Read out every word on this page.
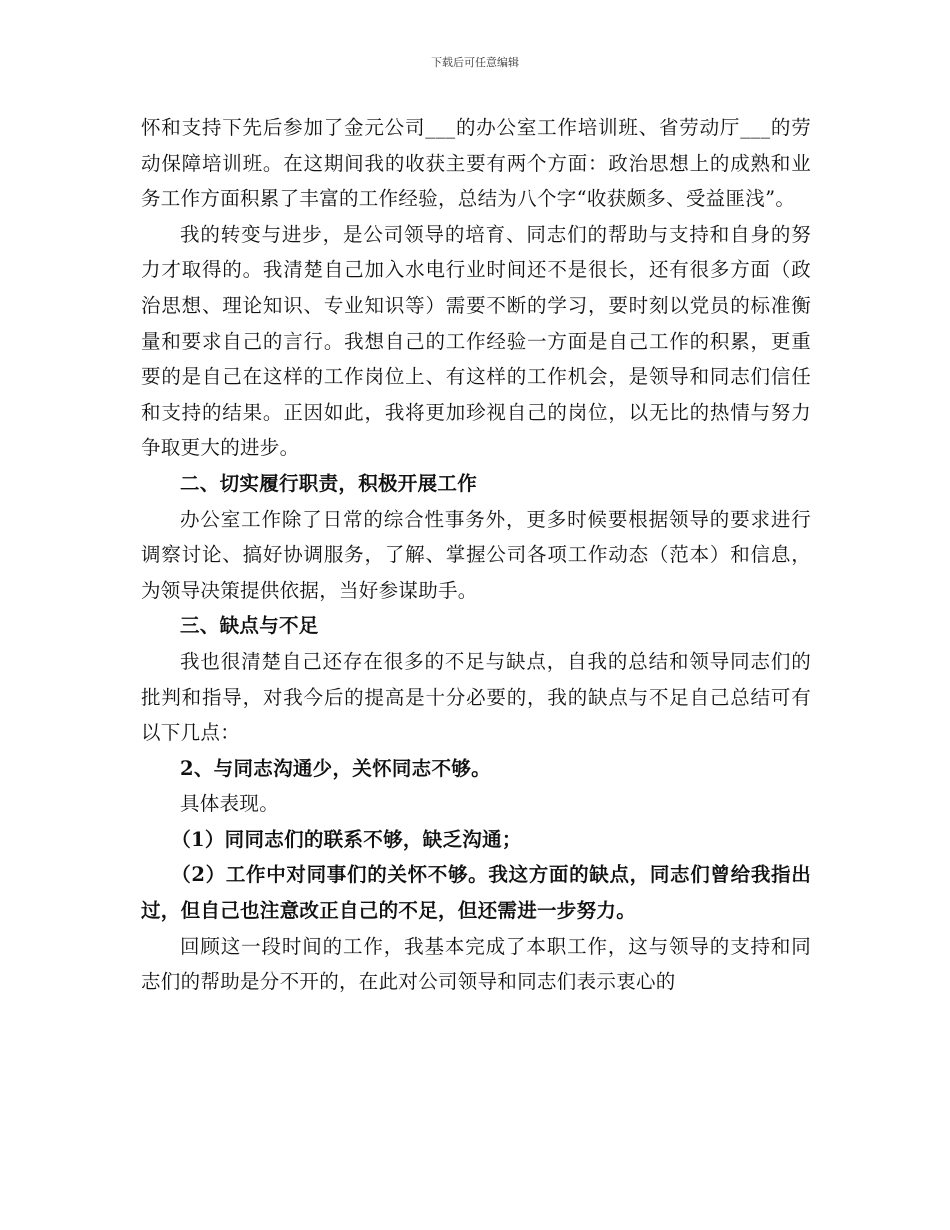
下载后可任意编辑

怀和支持下先后参加了金元公司___的办公室工作培训班、省劳动厅___的劳动保障培训班。在这期间我的收获主要有两个方面：政治思想上的成熟和业务工作方面积累了丰富的工作经验，总结为八个字“收获颇多、受益匪浅”。

我的转变与进步，是公司领导的培育、同志们的帮助与支持和自身的努力才取得的。我清楚自己加入水电行业时间还不是很长，还有很多方面（政治思想、理论知识、专业知识等）需要不断的学习，要时刻以党员的标准衡量和要求自己的言行。我想自己的工作经验一方面是自己工作的积累，更重要的是自己在这样的工作岗位上、有这样的工作机会，是领导和同志们信任和支持的结果。正因如此，我将更加珍视自己的岗位，以无比的热情与努力争取更大的进步。

二、切实履行职责，积极开展工作

办公室工作除了日常的综合性事务外，更多时候要根据领导的要求进行调察讨论、搞好协调服务，了解、掌握公司各项工作动态（范本）和信息，为领导决策提供依据，当好参谋助手。

三、缺点与不足

我也很清楚自己还存在很多的不足与缺点，自我的总结和领导同志们的批判和指导，对我今后的提高是十分必要的，我的缺点与不足自己总结可有以下几点：

2、与同志沟通少，关怀同志不够。

具体表现。

（1）同同志们的联系不够，缺乏沟通；

（2）工作中对同事们的关怀不够。我这方面的缺点，同志们曾给我指出过，但自己也注意改正自己的不足，但还需进一步努力。

回顾这一段时间的工作，我基本完成了本职工作，这与领导的支持和同志们的帮助是分不开的，在此对公司领导和同志们表示衷心的
